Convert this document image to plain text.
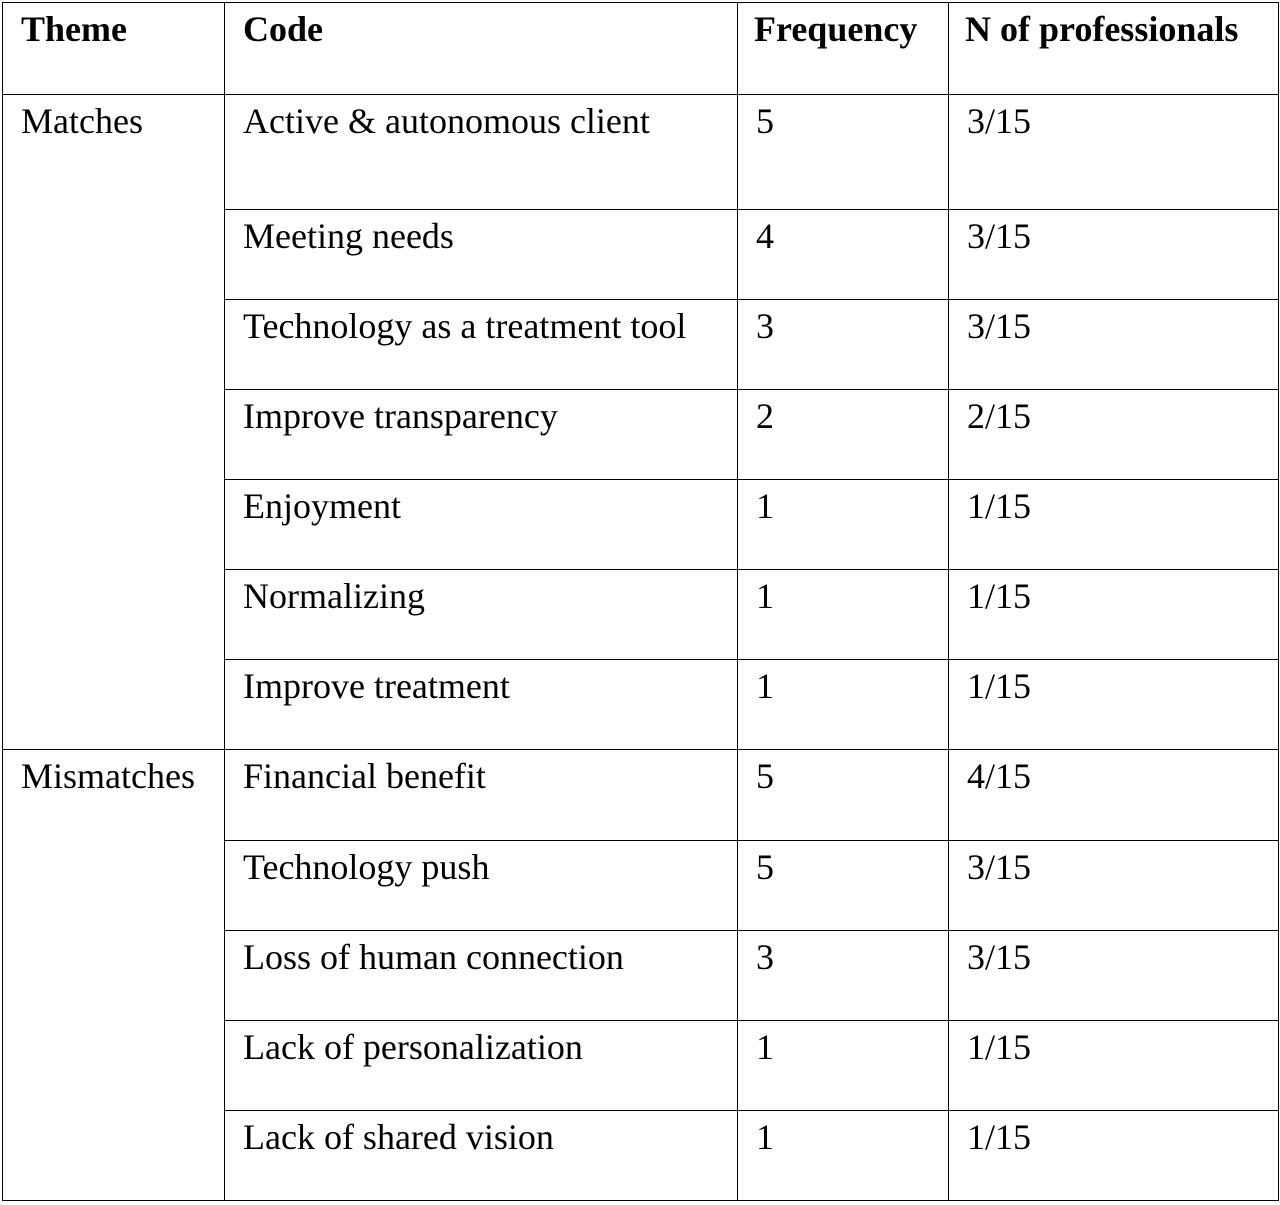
Theme	Code	Frequency	N of professionals
Matches	Active & autonomous client	5	3/15
	Meeting needs	4	3/15
	Technology as a treatment tool	3	3/15
	Improve transparency	2	2/15
	Enjoyment	1	1/15
	Normalizing	1	1/15
	Improve treatment	1	1/15
Mismatches	Financial benefit	5	4/15
	Technology push	5	3/15
	Loss of human connection	3	3/15
	Lack of personalization	1	1/15
	Lack of shared vision	1	1/15
